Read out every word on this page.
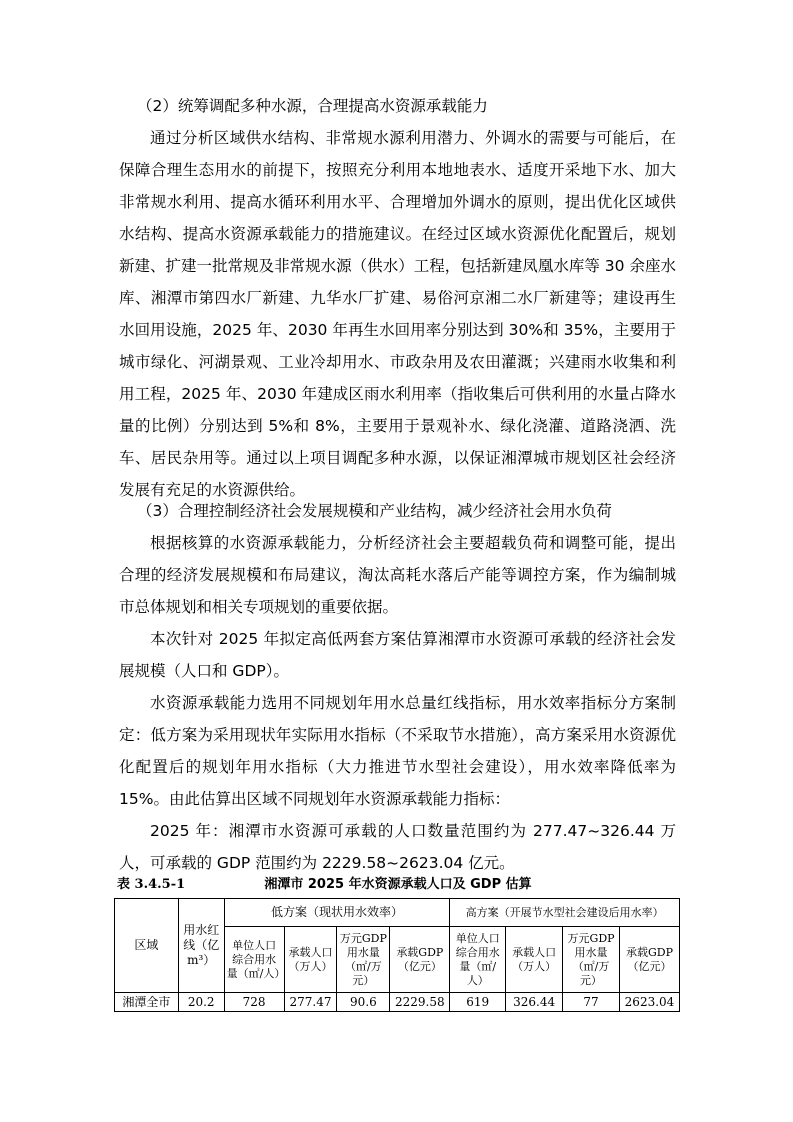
（2）统筹调配多种水源，合理提高水资源承载能力

通过分析区域供水结构、非常规水源利用潜力、外调水的需要与可能后，在保障合理生态用水的前提下，按照充分利用本地地表水、适度开采地下水、加大非常规水利用、提高水循环利用水平、合理增加外调水的原则，提出优化区域供水结构、提高水资源承载能力的措施建议。在经过区域水资源优化配置后，规划新建、扩建一批常规及非常规水源（供水）工程，包括新建凤凰水库等 30 余座水库、湘潭市第四水厂新建、九华水厂扩建、易俗河京湘二水厂新建等；建设再生水回用设施，2025 年、2030 年再生水回用率分别达到 30%和 35%，主要用于城市绿化、河湖景观、工业冷却用水、市政杂用及农田灌溉；兴建雨水收集和利用工程，2025 年、2030 年建成区雨水利用率（指收集后可供利用的水量占降水量的比例）分别达到 5%和 8%，主要用于景观补水、绿化浇灌、道路浇洒、洗车、居民杂用等。通过以上项目调配多种水源，以保证湘潭城市规划区社会经济发展有充足的水资源供给。

（3）合理控制经济社会发展规模和产业结构，减少经济社会用水负荷

根据核算的水资源承载能力，分析经济社会主要超载负荷和调整可能，提出合理的经济发展规模和布局建议，淘汰高耗水落后产能等调控方案，作为编制城市总体规划和相关专项规划的重要依据。

本次针对 2025 年拟定高低两套方案估算湘潭市水资源可承载的经济社会发展规模（人口和 GDP）。

水资源承载能力选用不同规划年用水总量红线指标，用水效率指标分方案制定：低方案为采用现状年实际用水指标（不采取节水措施），高方案采用水资源优化配置后的规划年用水指标（大力推进节水型社会建设），用水效率降低率为 15%。由此估算出区域不同规划年水资源承载能力指标：

2025 年：湘潭市水资源可承载的人口数量范围约为 277.47~326.44 万人，可承载的 GDP 范围约为 2229.58~2623.04 亿元。

表 3.4.5-1	湘潭市 2025 年水资源承载人口及 GDP 估算
区域	用水红线（亿m³）	低方案（现状用水效率）				高方案（开展节水型社会建设后用水率）			
		单位人口综合用水量（㎡/人）	承载人口（万人）	万元GDP用水量（㎡/万元）	承载GDP（亿元）	单位人口综合用水量（㎡/人）	承载人口（万人）	万元GDP用水量（㎡/万元）	承载GDP（亿元）
湘潭全市	20.2	728	277.47	90.6	2229.58	619	326.44	77	2623.04
